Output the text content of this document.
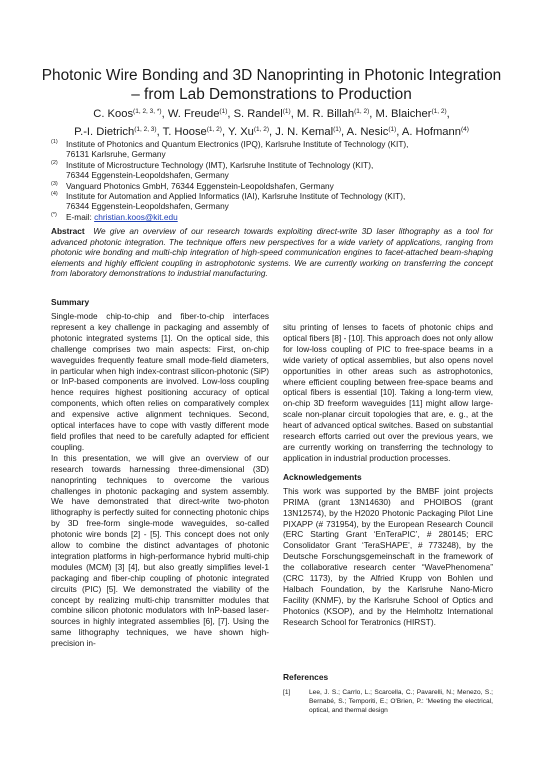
Photonic Wire Bonding and 3D Nanoprinting in Photonic Integration – from Lab Demonstrations to Production
C. Koos$^{(1, 2, 3, *)}$, W. Freude$^{(1)}$, S. Randel$^{(1)}$, M. R. Billah$^{(1, 2)}$, M. Blaicher$^{(1, 2)}$,
P.-I. Dietrich$^{(1, 2, 3)}$, T. Hoose$^{(1, 2)}$, Y. Xu$^{(1, 2)}$, J. N. Kemal$^{(1)}$, A. Nesic$^{(1)}$, A. Hofmann$^{(4)}$
(1) Institute of Photonics and Quantum Electronics (IPQ), Karlsruhe Institute of Technology (KIT),
76131 Karlsruhe, Germany
(2) Institute of Microstructure Technology (IMT), Karlsruhe Institute of Technology (KIT),
76344 Eggenstein-Leopoldshafen, Germany
(3) Vanguard Photonics GmbH, 76344 Eggenstein-Leopoldshafen, Germany
(4) Institute for Automation and Applied Informatics (IAI), Karlsruhe Institute of Technology (KIT),
76344 Eggenstein-Leopoldshafen, Germany
(*) E-mail: christian.koos@kit.edu
Abstract We give an overview of our research towards exploiting direct-write 3D laser lithography as a tool for advanced photonic integration. The technique offers new perspectives for a wide variety of applications, ranging from photonic wire bonding and multi-chip integration of high-speed communication engines to facet-attached beam-shaping elements and highly efficient coupling in astrophotonic systems. We are currently working on transferring the concept from laboratory demonstrations to industrial manufacturing.
Summary

Single-mode chip-to-chip and fiber-to-chip interfaces represent a key challenge in packaging and assembly of photonic integrated systems [1]. On the optical side, this challenge comprises two main aspects: First, on-chip waveguides frequently feature small mode-field diameters, in particular when high index-contrast silicon-photonic (SiP) or InP-based components are involved. Low-loss coupling hence requires highest positioning accuracy of optical components, which often relies on comparatively complex and expensive active alignment techniques. Second, optical interfaces have to cope with vastly different mode field profiles that need to be carefully adapted for efficient coupling.

In this presentation, we will give an overview of our research towards harnessing three-dimensional (3D) nanoprinting techniques to overcome the various challenges in photonic packaging and system assembly. We have demonstrated that direct-write two-photon lithography is perfectly suited for connecting photonic chips by 3D free-form single-mode waveguides, so-called photonic wire bonds [2] - [5]. This concept does not only allow to combine the distinct advantages of photonic integration platforms in high-performance hybrid multi-chip modules (MCM) [3] [4], but also greatly simplifies level-1 packaging and fiber-chip coupling of photonic integrated circuits (PIC) [5]. We demonstrated the viability of the concept by realizing multi-chip transmitter modules that combine silicon photonic modulators with InP-based laser-sources in highly integrated assemblies [6], [7]. Using the same lithography techniques, we have shown high-precision in-

situ printing of lenses to facets of photonic chips and optical fibers [8] - [10]. This approach does not only allow for low-loss coupling of PIC to free-space beams in a wide variety of optical assemblies, but also opens novel opportunities in other areas such as astrophotonics, where efficient coupling between free-space beams and optical fibers is essential [10]. Taking a long-term view, on-chip 3D freeform waveguides [11] might allow large-scale non-planar circuit topologies that are, e. g., at the heart of advanced optical switches. Based on substantial research efforts carried out over the previous years, we are currently working on transferring the technology to application in industrial production processes.

Acknowledgements

This work was supported by the BMBF joint projects PRIMA (grant 13N14630) and PHOIBOS (grant 13N12574), by the H2020 Photonic Packaging Pilot Line PIXAPP (# 731954), by the European Research Council (ERC Starting Grant ‘EnTeraPIC’, # 280145; ERC Consolidator Grant ‘TeraSHAPE’, # 773248), by the Deutsche Forschungsgemeinschaft in the framework of the collaborative research center “WavePhenomena” (CRC 1173), by the Alfried Krupp von Bohlen und Halbach Foundation, by the Karlsruhe Nano-Micro Facility (KNMF), by the Karlsruhe School of Optics and Photonics (KSOP), and by the Helmholtz International Research School for Teratronics (HIRST).

References
[1]	Lee, J. S.; Carrlo, L.; Scarcella, C.; Pavarelli, N.; Menezo, S.; Bernabé, S.; Temporiti, E.; O'Brien, P.: 'Meeting the electrical, optical, and thermal design
